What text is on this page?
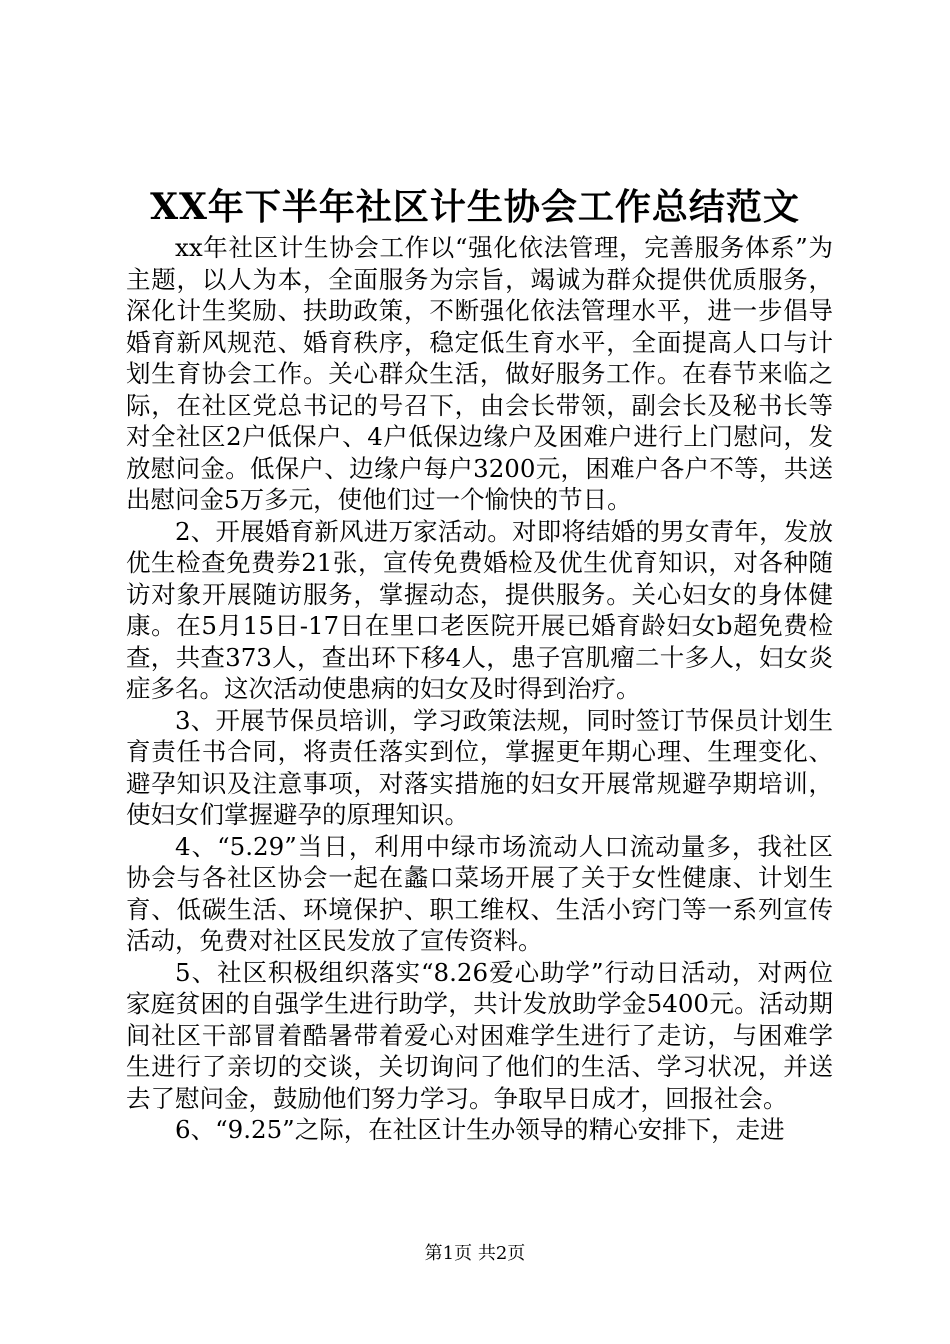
XX年下半年社区计生协会工作总结范文

xx年社区计生协会工作以“强化依法管理，完善服务体系”为主题，以人为本，全面服务为宗旨，竭诚为群众提供优质服务，深化计生奖励、扶助政策，不断强化依法管理水平，进一步倡导婚育新风规范、婚育秩序，稳定低生育水平，全面提高人口与计划生育协会工作。关心群众生活，做好服务工作。在春节来临之际，在社区党总书记的号召下，由会长带领，副会长及秘书长等对全社区2户低保户、4户低保边缘户及困难户进行上门慰问，发放慰问金。低保户、边缘户每户3200元，困难户各户不等，共送出慰问金5万多元，使他们过一个愉快的节日。

2、开展婚育新风进万家活动。对即将结婚的男女青年，发放优生检查免费券21张，宣传免费婚检及优生优育知识，对各种随访对象开展随访服务，掌握动态，提供服务。关心妇女的身体健康。在5月15日-17日在里口老医院开展已婚育龄妇女b超免费检查，共查373人，查出环下移4人，患子宫肌瘤二十多人，妇女炎症多名。这次活动使患病的妇女及时得到治疗。

3、开展节保员培训，学习政策法规，同时签订节保员计划生育责任书合同，将责任落实到位，掌握更年期心理、生理变化、避孕知识及注意事项，对落实措施的妇女开展常规避孕期培训，使妇女们掌握避孕的原理知识。

4、“5.29”当日，利用中绿市场流动人口流动量多，我社区协会与各社区协会一起在蠡口菜场开展了关于女性健康、计划生育、低碳生活、环境保护、职工维权、生活小窍门等一系列宣传活动，免费对社区民发放了宣传资料。

5、社区积极组织落实“8.26爱心助学”行动日活动，对两位家庭贫困的自强学生进行助学，共计发放助学金5400元。活动期间社区干部冒着酷暑带着爱心对困难学生进行了走访，与困难学生进行了亲切的交谈，关切询问了他们的生活、学习状况，并送去了慰问金，鼓励他们努力学习。争取早日成才，回报社会。

6、“9.25”之际，在社区计生办领导的精心安排下，走进

第1页 共2页
